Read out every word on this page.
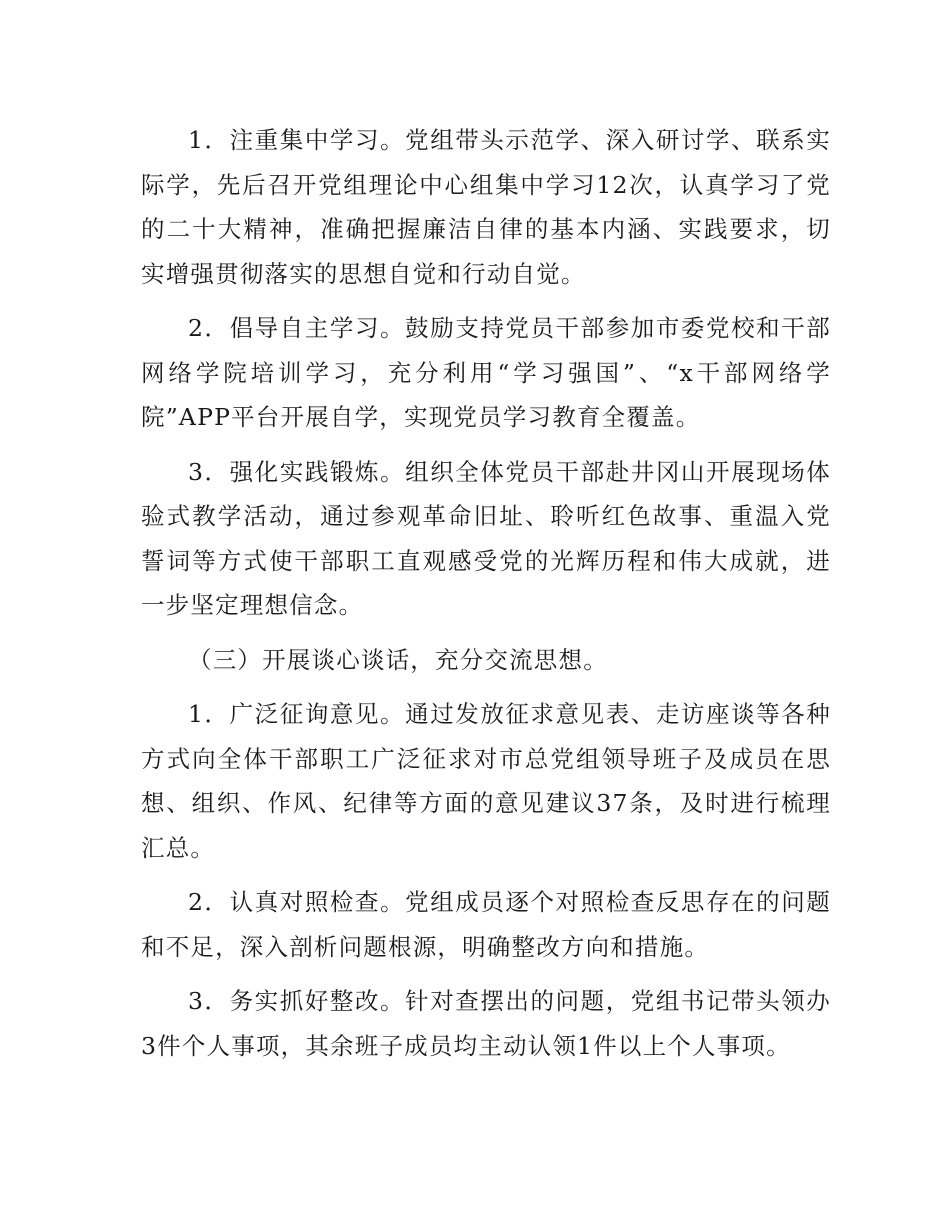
1．注重集中学习。党组带头示范学、深入研讨学、联系实际学，先后召开党组理论中心组集中学习12次，认真学习了党的二十大精神，准确把握廉洁自律的基本内涵、实践要求，切实增强贯彻落实的思想自觉和行动自觉。

2．倡导自主学习。鼓励支持党员干部参加市委党校和干部网络学院培训学习，充分利用“学习强国”、“x干部网络学院”APP平台开展自学，实现党员学习教育全覆盖。

3．强化实践锻炼。组织全体党员干部赴井冈山开展现场体验式教学活动，通过参观革命旧址、聆听红色故事、重温入党誓词等方式使干部职工直观感受党的光辉历程和伟大成就，进一步坚定理想信念。

（三）开展谈心谈话，充分交流思想。

1．广泛征询意见。通过发放征求意见表、走访座谈等各种方式向全体干部职工广泛征求对市总党组领导班子及成员在思想、组织、作风、纪律等方面的意见建议37条，及时进行梳理汇总。

2．认真对照检查。党组成员逐个对照检查反思存在的问题和不足，深入剖析问题根源，明确整改方向和措施。

3．务实抓好整改。针对查摆出的问题，党组书记带头领办3件个人事项，其余班子成员均主动认领1件以上个人事项。
